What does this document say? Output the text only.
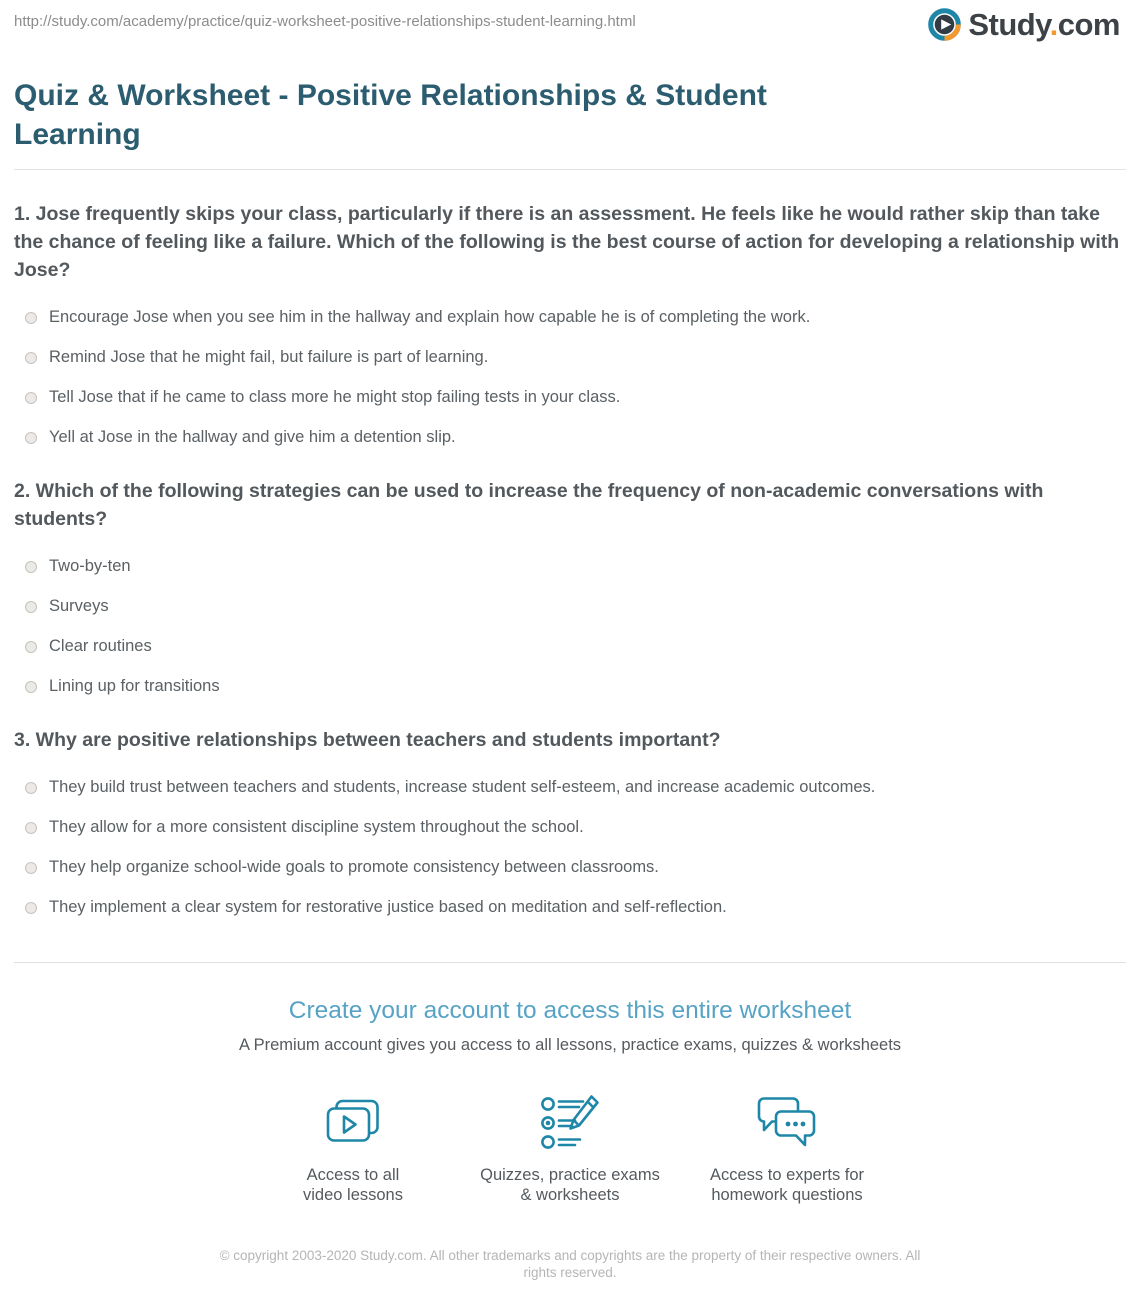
http://study.com/academy/practice/quiz-worksheet-positive-relationships-student-learning.html	Study.com
Quiz & Worksheet - Positive Relationships & Student Learning
1. Jose frequently skips your class, particularly if there is an assessment. He feels like he would rather skip than take the chance of feeling like a failure. Which of the following is the best course of action for developing a relationship with Jose?
Encourage Jose when you see him in the hallway and explain how capable he is of completing the work.
Remind Jose that he might fail, but failure is part of learning.
Tell Jose that if he came to class more he might stop failing tests in your class.
Yell at Jose in the hallway and give him a detention slip.
2. Which of the following strategies can be used to increase the frequency of non-academic conversations with students?
Two-by-ten
Surveys
Clear routines
Lining up for transitions
3. Why are positive relationships between teachers and students important?
They build trust between teachers and students, increase student self-esteem, and increase academic outcomes.
They allow for a more consistent discipline system throughout the school.
They help organize school-wide goals to promote consistency between classrooms.
They implement a clear system for restorative justice based on meditation and self-reflection.
Create your account to access this entire worksheet
A Premium account gives you access to all lessons, practice exams, quizzes & worksheets
Access to all
video lessons
Quizzes, practice exams
& worksheets
Access to experts for
homework questions
© copyright 2003-2020 Study.com. All other trademarks and copyrights are the property of their respective owners. All rights reserved.
